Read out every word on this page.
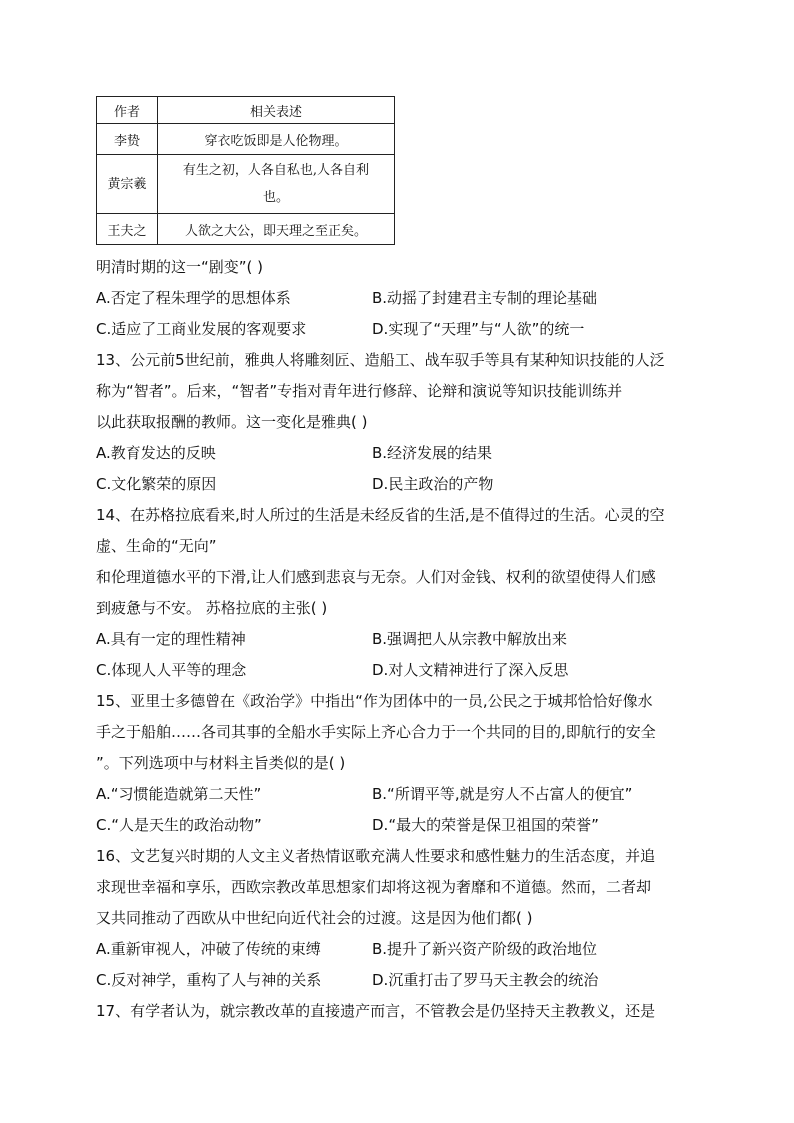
作者	相关表述
李贽	穿衣吃饭即是人伦物理。
黄宗羲	有生之初，人各自私也,人各自利
也。

王夫之	人欲之大公，即天理之至正矣。
明清时期的这一“剧变”( )
A.否定了程朱理学的思想体系	B.动摇了封建君主专制的理论基础
C.适应了工商业发展的客观要求	D.实现了“天理”与“人欲”的统一
13、公元前5世纪前，雅典人将雕刻匠、造船工、战车驭手等具有某种知识技能的人泛
称为“智者”。后来，“智者”专指对青年进行修辞、论辩和演说等知识技能训练并
以此获取报酬的教师。这一变化是雅典( )
A.教育发达的反映	B.经济发展的结果
C.文化繁荣的原因	D.民主政治的产物
14、在苏格拉底看来,时人所过的生活是未经反省的生活,是不值得过的生活。心灵的空
虚、生命的“无向”
和伦理道德水平的下滑,让人们感到悲哀与无奈。人们对金钱、权利的欲望使得人们感
到疲惫与不安。 苏格拉底的主张( )
A.具有一定的理性精神	B.强调把人从宗教中解放出来
C.体现人人平等的理念	D.对人文精神进行了深入反思
15、亚里士多德曾在《政治学》中指出“作为团体中的一员,公民之于城邦恰恰好像水
手之于船舶……各司其事的全船水手实际上齐心合力于一个共同的目的,即航行的安全
”。下列选项中与材料主旨类似的是( )
A.“习惯能造就第二天性”	B.“所谓平等,就是穷人不占富人的便宜”
C.“人是天生的政治动物”	D.“最大的荣誉是保卫祖国的荣誉”
16、文艺复兴时期的人文主义者热情讴歌充满人性要求和感性魅力的生活态度，并追
求现世幸福和享乐，西欧宗教改革思想家们却将这视为奢靡和不道德。然而，二者却
又共同推动了西欧从中世纪向近代社会的过渡。这是因为他们都( )
A.重新审视人，冲破了传统的束缚	B.提升了新兴资产阶级的政治地位
C.反对神学，重构了人与神的关系	D.沉重打击了罗马天主教会的统治
17、有学者认为，就宗教改革的直接遗产而言，不管教会是仍坚持天主教教义，还是
